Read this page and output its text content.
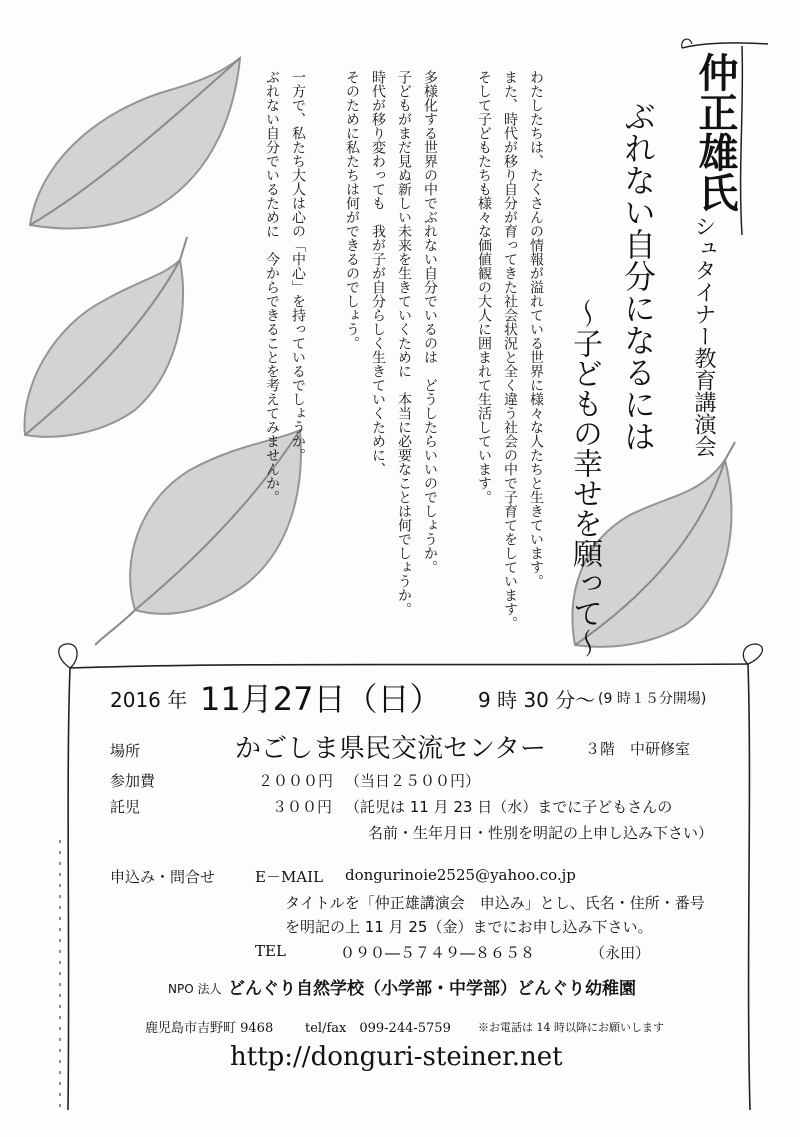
仲正雄氏
シュタイナー教育講演会
ぶれない自分になるには
～子どもの幸せを願って～
わたしたちは、たくさんの情報が溢れている世界に様々な人たちと生きています。
また、時代が移り自分が育ってきた社会状況と全く違う社会の中で子育てをしています。
そして子どもたちも様々な価値観の大人に囲まれて生活しています。
多様化する世界の中でぶれない自分でいるのは　どうしたらいいのでしょうか。
子どもがまだ見ぬ新しい未来を生きていくために　本当に必要なことは何でしょうか。
時代が移り変わっても　我が子が自分らしく生きていくために、
そのために私たちは何ができるのでしょう。
一方で、私たち大人は心の「中心」を持っているでしょうか。
ぶれない自分でいるために　今からできることを考えてみませんか。
2016 年 11月27日（日） 9 時 30 分～ (9 時１５分開場)
場所	かごしま県民交流センター	３階　中研修室
参加費	２０００円 （当日２５００円）
託児	３００円 （託児は 11 月 23 日（水）までに子どもさんの
名前・生年月日・性別を明記の上申し込み下さい）
申込み・問合せ	E－MAIL dongurinoie2525@yahoo.co.jp
タイトルを「仲正雄講演会　申込み」とし、氏名・住所・番号
を明記の上 11 月 25（金）までにお申し込み下さい。
TEL	０９０―５７４９―８６５８	（永田）
NPO 法人 どんぐり自然学校（小学部・中学部）どんぐり幼稚園
鹿児島市吉野町 9468 tel/fax　099-244-5759 ※お電話は 14 時以降にお願いします
http://donguri-steiner.net
